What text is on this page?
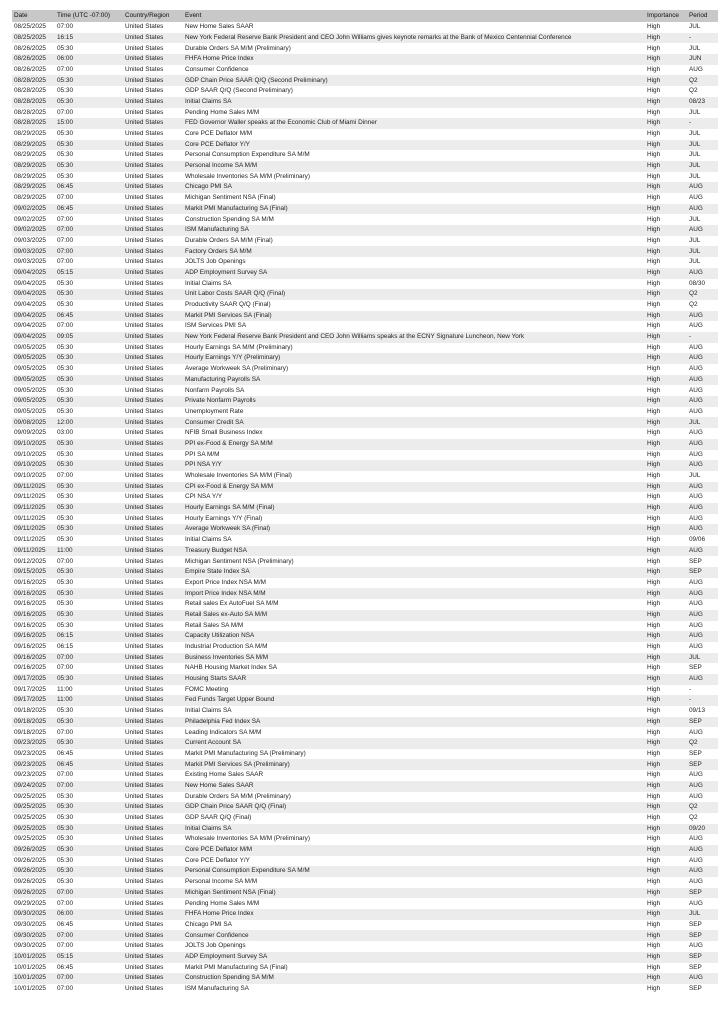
Date	Time (UTC -07:00)	Country/Region	Event	Importance	Period
08/25/2025	07:00	United States	New Home Sales SAAR	High	JUL
08/25/2025	16:15	United States	New York Federal Reserve Bank President and CEO John Williams gives keynote remarks at the Bank of Mexico Centennial Conference	High	-
08/26/2025	05:30	United States	Durable Orders SA M/M (Preliminary)	High	JUL
08/26/2025	06:00	United States	FHFA Home Price Index	High	JUN
08/26/2025	07:00	United States	Consumer Confidence	High	AUG
08/28/2025	05:30	United States	GDP Chain Price SAAR Q/Q (Second Preliminary)	High	Q2
08/28/2025	05:30	United States	GDP SAAR Q/Q (Second Preliminary)	High	Q2
08/28/2025	05:30	United States	Initial Claims SA	High	08/23
08/28/2025	07:00	United States	Pending Home Sales M/M	High	JUL
08/28/2025	15:00	United States	FED Governor Waller speaks at the Economic Club of Miami Dinner	High	-
08/29/2025	05:30	United States	Core PCE Deflator M/M	High	JUL
08/29/2025	05:30	United States	Core PCE Deflator Y/Y	High	JUL
08/29/2025	05:30	United States	Personal Consumption Expenditure SA M/M	High	JUL
08/29/2025	05:30	United States	Personal Income SA M/M	High	JUL
08/29/2025	05:30	United States	Wholesale Inventories SA M/M (Preliminary)	High	JUL
08/29/2025	06:45	United States	Chicago PMI SA	High	AUG
08/29/2025	07:00	United States	Michigan Sentiment NSA (Final)	High	AUG
09/02/2025	06:45	United States	Markit PMI Manufacturing SA (Final)	High	AUG
09/02/2025	07:00	United States	Construction Spending SA M/M	High	JUL
09/02/2025	07:00	United States	ISM Manufacturing SA	High	AUG
09/03/2025	07:00	United States	Durable Orders SA M/M (Final)	High	JUL
09/03/2025	07:00	United States	Factory Orders SA M/M	High	JUL
09/03/2025	07:00	United States	JOLTS Job Openings	High	JUL
09/04/2025	05:15	United States	ADP Employment Survey SA	High	AUG
09/04/2025	05:30	United States	Initial Claims SA	High	08/30
09/04/2025	05:30	United States	Unit Labor Costs SAAR Q/Q (Final)	High	Q2
09/04/2025	05:30	United States	Productivity SAAR Q/Q (Final)	High	Q2
09/04/2025	06:45	United States	Markit PMI Services SA (Final)	High	AUG
09/04/2025	07:00	United States	ISM Services PMI SA	High	AUG
09/04/2025	09:05	United States	New York Federal Reserve Bank President and CEO John Williams speaks at the ECNY Signature Luncheon, New York	High	-
09/05/2025	05:30	United States	Hourly Earnings SA M/M (Preliminary)	High	AUG
09/05/2025	05:30	United States	Hourly Earnings Y/Y (Preliminary)	High	AUG
09/05/2025	05:30	United States	Average Workweek SA (Preliminary)	High	AUG
09/05/2025	05:30	United States	Manufacturing Payrolls SA	High	AUG
09/05/2025	05:30	United States	Nonfarm Payrolls SA	High	AUG
09/05/2025	05:30	United States	Private Nonfarm Payrolls	High	AUG
09/05/2025	05:30	United States	Unemployment Rate	High	AUG
09/08/2025	12:00	United States	Consumer Credit SA	High	JUL
09/09/2025	03:00	United States	NFIB Small Business Index	High	AUG
09/10/2025	05:30	United States	PPI ex-Food & Energy SA M/M	High	AUG
09/10/2025	05:30	United States	PPI SA M/M	High	AUG
09/10/2025	05:30	United States	PPI NSA Y/Y	High	AUG
09/10/2025	07:00	United States	Wholesale Inventories SA M/M (Final)	High	JUL
09/11/2025	05:30	United States	CPI ex-Food & Energy SA M/M	High	AUG
09/11/2025	05:30	United States	CPI NSA Y/Y	High	AUG
09/11/2025	05:30	United States	Hourly Earnings SA M/M (Final)	High	AUG
09/11/2025	05:30	United States	Hourly Earnings Y/Y (Final)	High	AUG
09/11/2025	05:30	United States	Average Workweek SA (Final)	High	AUG
09/11/2025	05:30	United States	Initial Claims SA	High	09/06
09/11/2025	11:00	United States	Treasury Budget NSA	High	AUG
09/12/2025	07:00	United States	Michigan Sentiment NSA (Preliminary)	High	SEP
09/15/2025	05:30	United States	Empire State Index SA	High	SEP
09/16/2025	05:30	United States	Export Price Index NSA M/M	High	AUG
09/16/2025	05:30	United States	Import Price Index NSA M/M	High	AUG
09/16/2025	05:30	United States	Retail sales Ex AutoFuel SA M/M	High	AUG
09/16/2025	05:30	United States	Retail Sales ex-Auto SA M/M	High	AUG
09/16/2025	05:30	United States	Retail Sales SA M/M	High	AUG
09/16/2025	06:15	United States	Capacity Utilization NSA	High	AUG
09/16/2025	06:15	United States	Industrial Production SA M/M	High	AUG
09/16/2025	07:00	United States	Business Inventories SA M/M	High	JUL
09/16/2025	07:00	United States	NAHB Housing Market Index SA	High	SEP
09/17/2025	05:30	United States	Housing Starts SAAR	High	AUG
09/17/2025	11:00	United States	FOMC Meeting	High	-
09/17/2025	11:00	United States	Fed Funds Target Upper Bound	High	-
09/18/2025	05:30	United States	Initial Claims SA	High	09/13
09/18/2025	05:30	United States	Philadelphia Fed Index SA	High	SEP
09/18/2025	07:00	United States	Leading Indicators SA M/M	High	AUG
09/23/2025	05:30	United States	Current Account SA	High	Q2
09/23/2025	06:45	United States	Markit PMI Manufacturing SA (Preliminary)	High	SEP
09/23/2025	06:45	United States	Markit PMI Services SA (Preliminary)	High	SEP
09/23/2025	07:00	United States	Existing Home Sales SAAR	High	AUG
09/24/2025	07:00	United States	New Home Sales SAAR	High	AUG
09/25/2025	05:30	United States	Durable Orders SA M/M (Preliminary)	High	AUG
09/25/2025	05:30	United States	GDP Chain Price SAAR Q/Q (Final)	High	Q2
09/25/2025	05:30	United States	GDP SAAR Q/Q (Final)	High	Q2
09/25/2025	05:30	United States	Initial Claims SA	High	09/20
09/25/2025	05:30	United States	Wholesale Inventories SA M/M (Preliminary)	High	AUG
09/26/2025	05:30	United States	Core PCE Deflator M/M	High	AUG
09/26/2025	05:30	United States	Core PCE Deflator Y/Y	High	AUG
09/26/2025	05:30	United States	Personal Consumption Expenditure SA M/M	High	AUG
09/26/2025	05:30	United States	Personal Income SA M/M	High	AUG
09/26/2025	07:00	United States	Michigan Sentiment NSA (Final)	High	SEP
09/29/2025	07:00	United States	Pending Home Sales M/M	High	AUG
09/30/2025	06:00	United States	FHFA Home Price Index	High	JUL
09/30/2025	06:45	United States	Chicago PMI SA	High	SEP
09/30/2025	07:00	United States	Consumer Confidence	High	SEP
09/30/2025	07:00	United States	JOLTS Job Openings	High	AUG
10/01/2025	05:15	United States	ADP Employment Survey SA	High	SEP
10/01/2025	06:45	United States	Markit PMI Manufacturing SA (Final)	High	SEP
10/01/2025	07:00	United States	Construction Spending SA M/M	High	AUG
10/01/2025	07:00	United States	ISM Manufacturing SA	High	SEP
